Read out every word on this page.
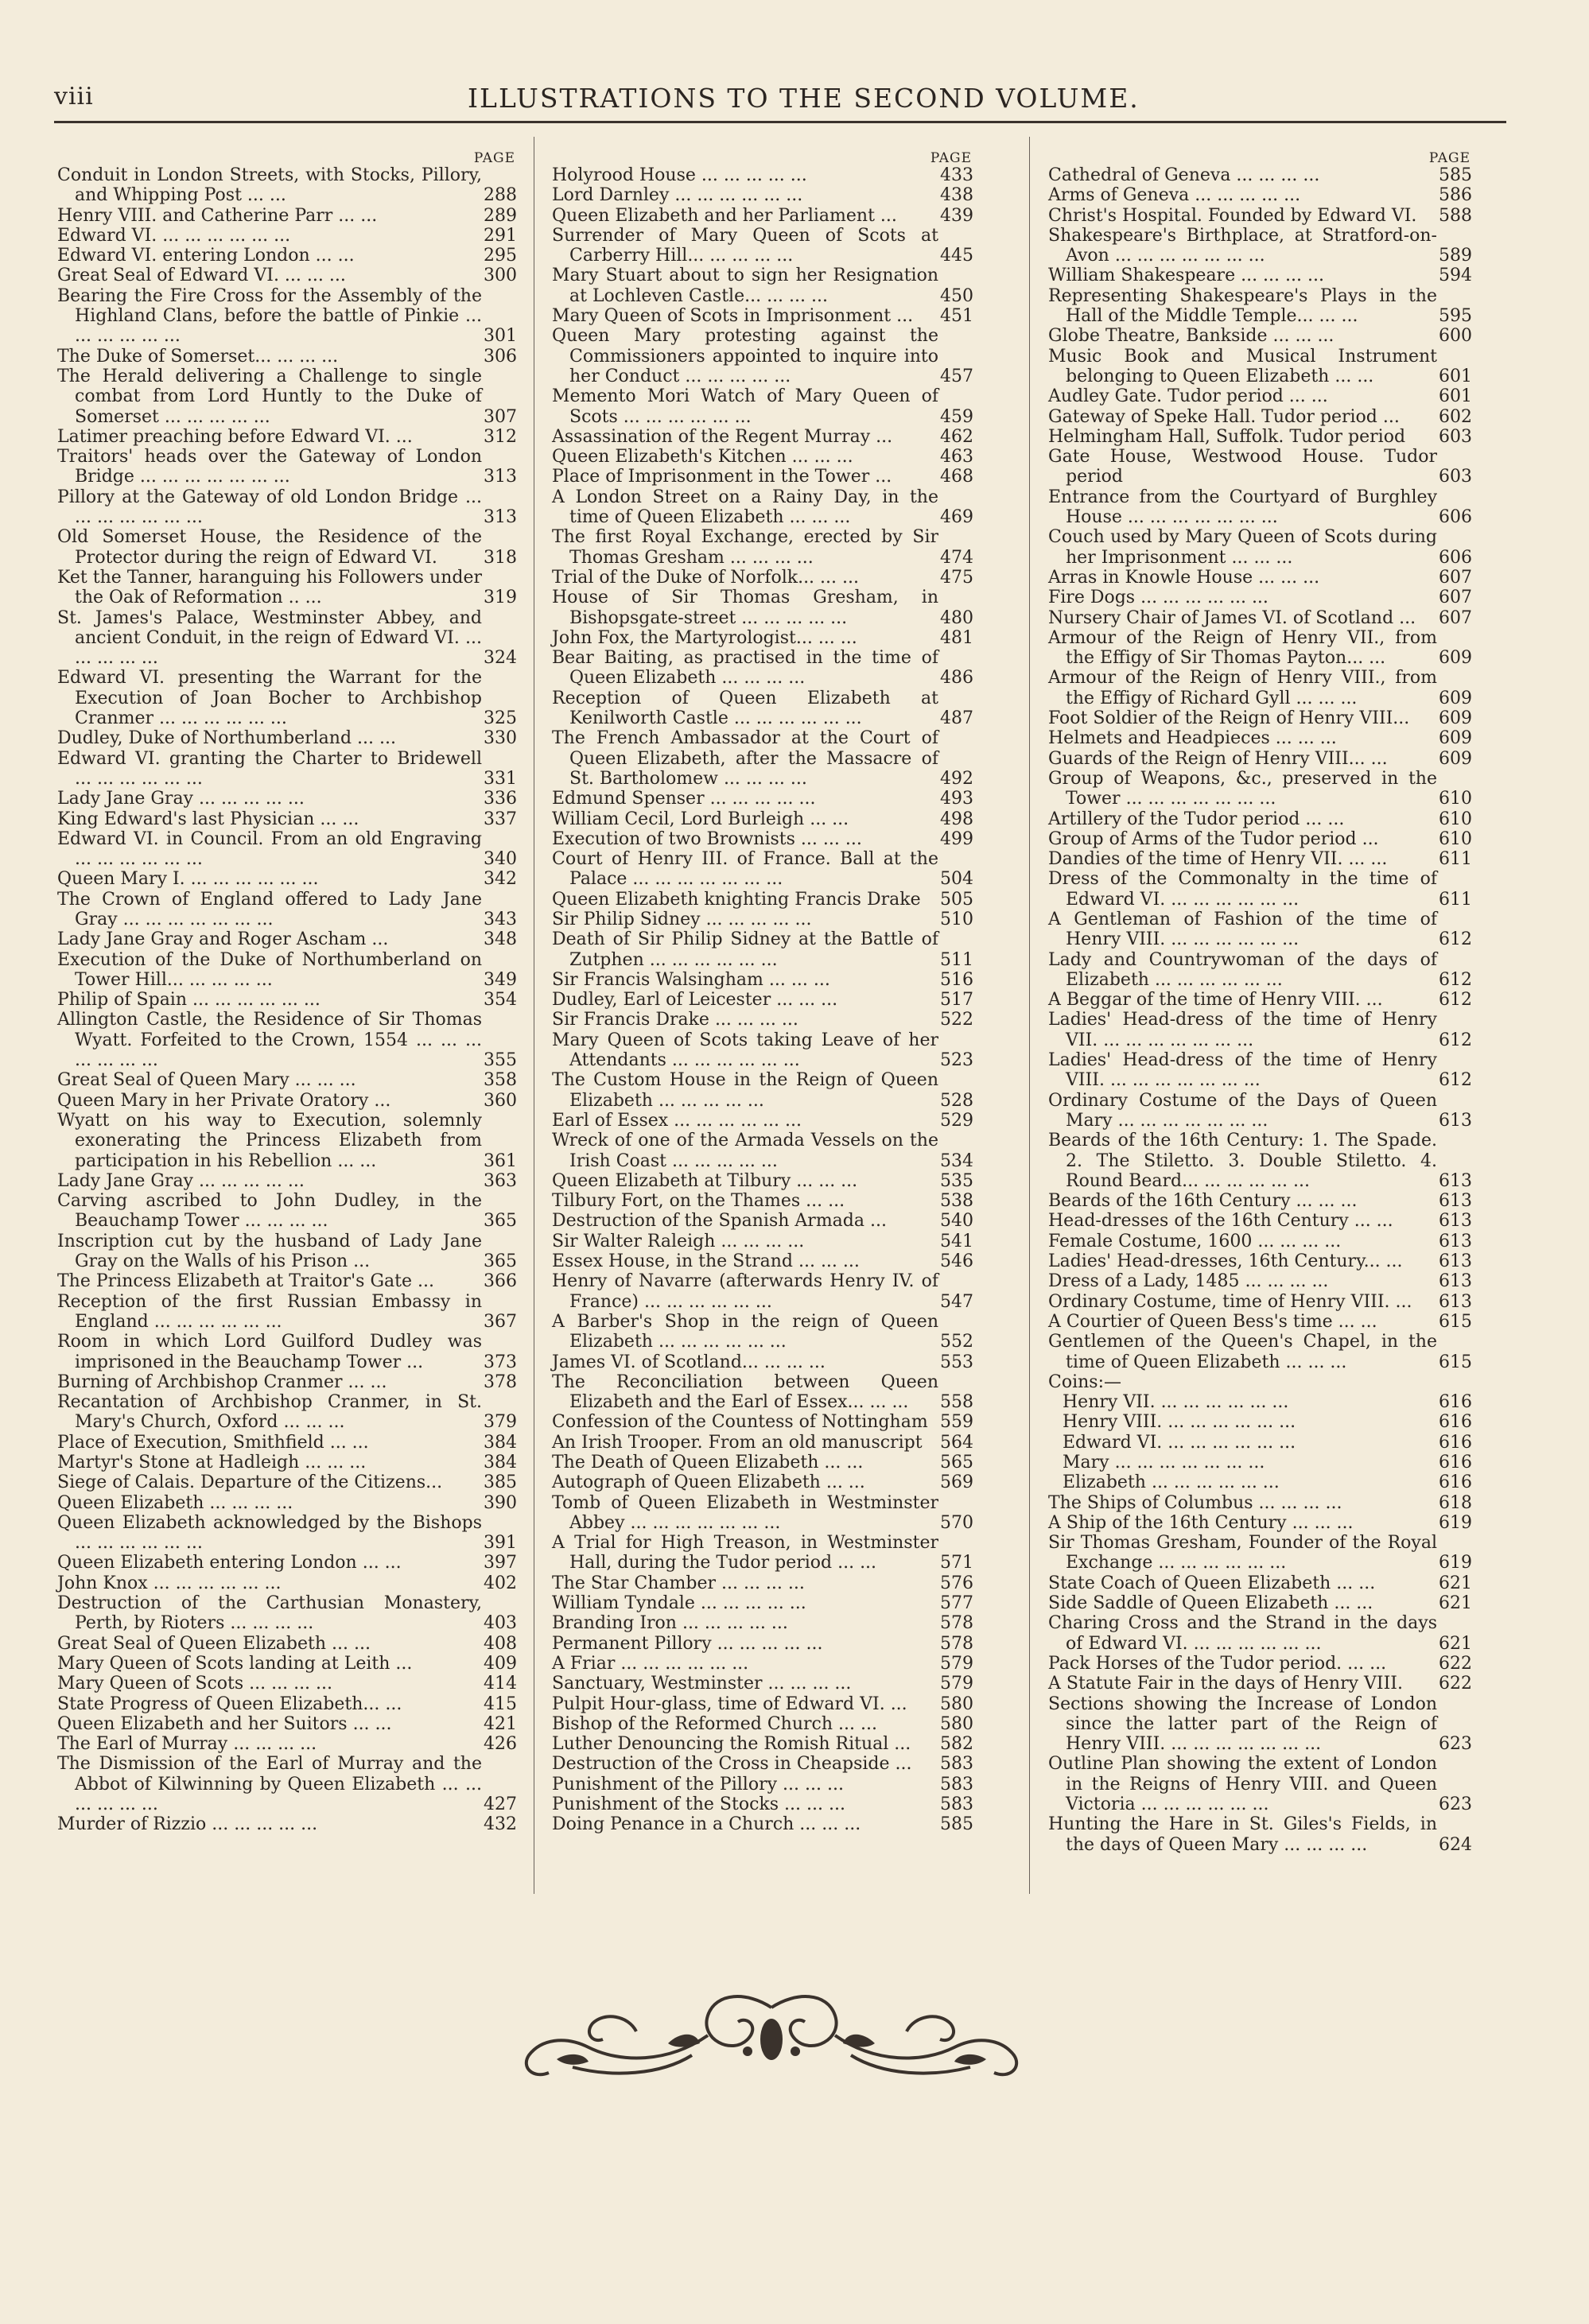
viii	ILLUSTRATIONS TO THE SECOND VOLUME.
PAGE
Conduit in London Streets, with Stocks, Pillory, and Whipping Post ... ...	288
Henry VIII. and Catherine Parr ... ...	289
Edward VI. ... ... ... ... ... ...	291
Edward VI. entering London ... ...	295
Great Seal of Edward VI. ... ... ...	300
Bearing the Fire Cross for the Assembly of the Highland Clans, before the battle of Pinkie ... ... ... ... ... ...	301
The Duke of Somerset... ... ... ...	306
The Herald delivering a Challenge to single combat from Lord Huntly to the Duke of Somerset ... ... ... ... ...	307
Latimer preaching before Edward VI. ...	312
Traitors' heads over the Gateway of London Bridge ... ... ... ... ... ... ...	313
Pillory at the Gateway of old London Bridge ... ... ... ... ... ... ...	313
Old Somerset House, the Residence of the Protector during the reign of Edward VI.	318
Ket the Tanner, haranguing his Followers under the Oak of Reformation .. ...	319
St. James's Palace, Westminster Abbey, and ancient Conduit, in the reign of Edward VI. ... ... ... ... ...	324
Edward VI. presenting the Warrant for the Execution of Joan Bocher to Archbishop Cranmer ... ... ... ... ... ...	325
Dudley, Duke of Northumberland ... ...	330
Edward VI. granting the Charter to Bridewell ... ... ... ... ... ...	331
Lady Jane Gray ... ... ... ... ...	336
King Edward's last Physician ... ...	337
Edward VI. in Council. From an old Engraving ... ... ... ... ... ...	340
Queen Mary I. ... ... ... ... ... ...	342
The Crown of England offered to Lady Jane Gray ... ... ... ... ... ... ...	343
Lady Jane Gray and Roger Ascham ...	348
Execution of the Duke of Northumberland on Tower Hill... ... ... ... ...	349
Philip of Spain ... ... ... ... ... ...	354
Allington Castle, the Residence of Sir Thomas Wyatt. Forfeited to the Crown, 1554 ... ... ... ... ... ... ...	355
Great Seal of Queen Mary ... ... ...	358
Queen Mary in her Private Oratory ...	360
Wyatt on his way to Execution, solemnly exonerating the Princess Elizabeth from participation in his Rebellion ... ...	361
Lady Jane Gray ... ... ... ... ...	363
Carving ascribed to John Dudley, in the Beauchamp Tower ... ... ... ...	365
Inscription cut by the husband of Lady Jane Gray on the Walls of his Prison ...	365
The Princess Elizabeth at Traitor's Gate ...	366
Reception of the first Russian Embassy in England ... ... ... ... ... ...	367
Room in which Lord Guilford Dudley was imprisoned in the Beauchamp Tower ...	373
Burning of Archbishop Cranmer ... ...	378
Recantation of Archbishop Cranmer, in St. Mary's Church, Oxford ... ... ...	379
Place of Execution, Smithfield ... ...	384
Martyr's Stone at Hadleigh ... ... ...	384
Siege of Calais. Departure of the Citizens...	385
Queen Elizabeth ... ... ... ...	390
Queen Elizabeth acknowledged by the Bishops ... ... ... ... ... ...	391
Queen Elizabeth entering London ... ...	397
John Knox ... ... ... ... ... ...	402
Destruction of the Carthusian Monastery, Perth, by Rioters ... ... ... ...	403
Great Seal of Queen Elizabeth ... ...	408
Mary Queen of Scots landing at Leith ...	409
Mary Queen of Scots ... ... ... ...	414
State Progress of Queen Elizabeth... ...	415
Queen Elizabeth and her Suitors ... ...	421
The Earl of Murray ... ... ... ...	426
The Dismission of the Earl of Murray and the Abbot of Kilwinning by Queen Elizabeth ... ... ... ... ... ...	427
Murder of Rizzio ... ... ... ... ...	432
PAGE
Holyrood House ... ... ... ... ...	433
Lord Darnley ... ... ... ... ... ...	438
Queen Elizabeth and her Parliament ...	439
Surrender of Mary Queen of Scots at Carberry Hill... ... ... ... ...	445
Mary Stuart about to sign her Resignation at Lochleven Castle... ... ... ...	450
Mary Queen of Scots in Imprisonment ...	451
Queen Mary protesting against the Commissioners appointed to inquire into her Conduct ... ... ... ... ...	457
Memento Mori Watch of Mary Queen of Scots ... ... ... ... ... ...	459
Assassination of the Regent Murray ...	462
Queen Elizabeth's Kitchen ... ... ...	463
Place of Imprisonment in the Tower ...	468
A London Street on a Rainy Day, in the time of Queen Elizabeth ... ... ...	469
The first Royal Exchange, erected by Sir Thomas Gresham ... ... ... ...	474
Trial of the Duke of Norfolk... ... ...	475
House of Sir Thomas Gresham, in Bishopsgate-street ... ... ... ... ...	480
John Fox, the Martyrologist... ... ...	481
Bear Baiting, as practised in the time of Queen Elizabeth ... ... ... ...	486
Reception of Queen Elizabeth at Kenilworth Castle ... ... ... ... ... ...	487
The French Ambassador at the Court of Queen Elizabeth, after the Massacre of St. Bartholomew ... ... ... ...	492
Edmund Spenser ... ... ... ... ...	493
William Cecil, Lord Burleigh ... ...	498
Execution of two Brownists ... ... ...	499
Court of Henry III. of France. Ball at the Palace ... ... ... ... ... ... ...	504
Queen Elizabeth knighting Francis Drake	505
Sir Philip Sidney ... ... ... ... ...	510
Death of Sir Philip Sidney at the Battle of Zutphen ... ... ... ... ... ...	511
Sir Francis Walsingham ... ... ...	516
Dudley, Earl of Leicester ... ... ...	517
Sir Francis Drake ... ... ... ...	522
Mary Queen of Scots taking Leave of her Attendants ... ... ... ... ... ...	523
The Custom House in the Reign of Queen Elizabeth ... ... ... ... ...	528
Earl of Essex ... ... ... ... ... ...	529
Wreck of one of the Armada Vessels on the Irish Coast ... ... ... ... ...	534
Queen Elizabeth at Tilbury ... ... ...	535
Tilbury Fort, on the Thames ... ...	538
Destruction of the Spanish Armada ...	540
Sir Walter Raleigh ... ... ... ...	541
Essex House, in the Strand ... ... ...	546
Henry of Navarre (afterwards Henry IV. of France) ... ... ... ... ... ...	547
A Barber's Shop in the reign of Queen Elizabeth ... ... ... ... ... ...	552
James VI. of Scotland... ... ... ...	553
The Reconciliation between Queen Elizabeth and the Earl of Essex... ... ...	558
Confession of the Countess of Nottingham 559
An Irish Trooper. From an old manuscript	564
The Death of Queen Elizabeth ... ...	565
Autograph of Queen Elizabeth ... ...	569
Tomb of Queen Elizabeth in Westminster Abbey ... ... ... ... ... ... ...	570
A Trial for High Treason, in Westminster Hall, during the Tudor period ... ...	571
The Star Chamber ... ... ... ...	576
William Tyndale ... ... ... ... ...	577
Branding Iron ... ... ... ... ...	578
Permanent Pillory ... ... ... ... ...	578
A Friar ... ... ... ... ... ...	579
Sanctuary, Westminster ... ... ... ...	579
Pulpit Hour-glass, time of Edward VI. ...	580
Bishop of the Reformed Church ... ...	580
Luther Denouncing the Romish Ritual ...	582
Destruction of the Cross in Cheapside ...	583
Punishment of the Pillory ... ... ...	583
Punishment of the Stocks ... ... ...	583
Doing Penance in a Church ... ... ...	585
PAGE
Cathedral of Geneva ... ... ... ...	585
Arms of Geneva ... ... ... ... ...	586
Christ's Hospital. Founded by Edward VI.	588
Shakespeare's Birthplace, at Stratford-on-Avon ... ... ... ... ... ... ...	589
William Shakespeare ... ... ... ...	594
Representing Shakespeare's Plays in the Hall of the Middle Temple... ... ...	595
Globe Theatre, Bankside ... ... ...	600
Music Book and Musical Instrument belonging to Queen Elizabeth ... ...	601
Audley Gate. Tudor period ... ...	601
Gateway of Speke Hall. Tudor period ...	602
Helmingham Hall, Suffolk. Tudor period	603
Gate House, Westwood House. Tudor period	603
Entrance from the Courtyard of Burghley House ... ... ... ... ... ... ...	606
Couch used by Mary Queen of Scots during her Imprisonment ... ... ...	606
Arras in Knowle House ... ... ...	607
Fire Dogs ... ... ... ... ... ...	607
Nursery Chair of James VI. of Scotland ...	607
Armour of the Reign of Henry VII., from the Effigy of Sir Thomas Payton... ...	609
Armour of the Reign of Henry VIII., from the Effigy of Richard Gyll ... ... ...	609
Foot Soldier of the Reign of Henry VIII...	609
Helmets and Headpieces ... ... ...	609
Guards of the Reign of Henry VIII... ...	609
Group of Weapons, &c., preserved in the Tower ... ... ... ... ... ... ...	610
Artillery of the Tudor period ... ...	610
Group of Arms of the Tudor period ...	610
Dandies of the time of Henry VII. ... ...	611
Dress of the Commonalty in the time of Edward VI. ... ... ... ... ... ...	611
A Gentleman of Fashion of the time of Henry VIII. ... ... ... ... ... ...	612
Lady and Countrywoman of the days of Elizabeth ... ... ... ... ... ...	612
A Beggar of the time of Henry VIII. ...	612
Ladies' Head-dress of the time of Henry VII. ... ... ... ... ... ... ...	612
Ladies' Head-dress of the time of Henry VIII. ... ... ... ... ... ... ...	612
Ordinary Costume of the Days of Queen Mary ... ... ... ... ... ... ...	613
Beards of the 16th Century: 1. The Spade. 2. The Stiletto. 3. Double Stiletto. 4. Round Beard... ... ... ... ... ...	613
Beards of the 16th Century ... ... ...	613
Head-dresses of the 16th Century ... ...	613
Female Costume, 1600 ... ... ... ...	613
Ladies' Head-dresses, 16th Century... ...	613
Dress of a Lady, 1485 ... ... ... ...	613
Ordinary Costume, time of Henry VIII. ...	613
A Courtier of Queen Bess's time ... ...	615
Gentlemen of the Queen's Chapel, in the time of Queen Elizabeth ... ... ...	615
Coins:—
Henry VII. ... ... ... ... ... ...	616
Henry VIII. ... ... ... ... ... ...	616
Edward VI. ... ... ... ... ... ...	616
Mary ... ... ... ... ... ... ...	616
Elizabeth ... ... ... ... ... ...	616
The Ships of Columbus ... ... ... ...	618
A Ship of the 16th Century ... ... ...	619
Sir Thomas Gresham, Founder of the Royal Exchange ... ... ... ... ... ...	619
State Coach of Queen Elizabeth ... ...	621
Side Saddle of Queen Elizabeth ... ...	621
Charing Cross and the Strand in the days of Edward VI. ... ... ... ... ... ...	621
Pack Horses of the Tudor period. ... ...	622
A Statute Fair in the days of Henry VIII.	622
Sections showing the Increase of London since the latter part of the Reign of Henry VIII. ... ... ... ... ... ... ...	623
Outline Plan showing the extent of London in the Reigns of Henry VIII. and Queen Victoria ... ... ... ... ... ...	623
Hunting the Hare in St. Giles's Fields, in the days of Queen Mary ... ... ... ...	624
